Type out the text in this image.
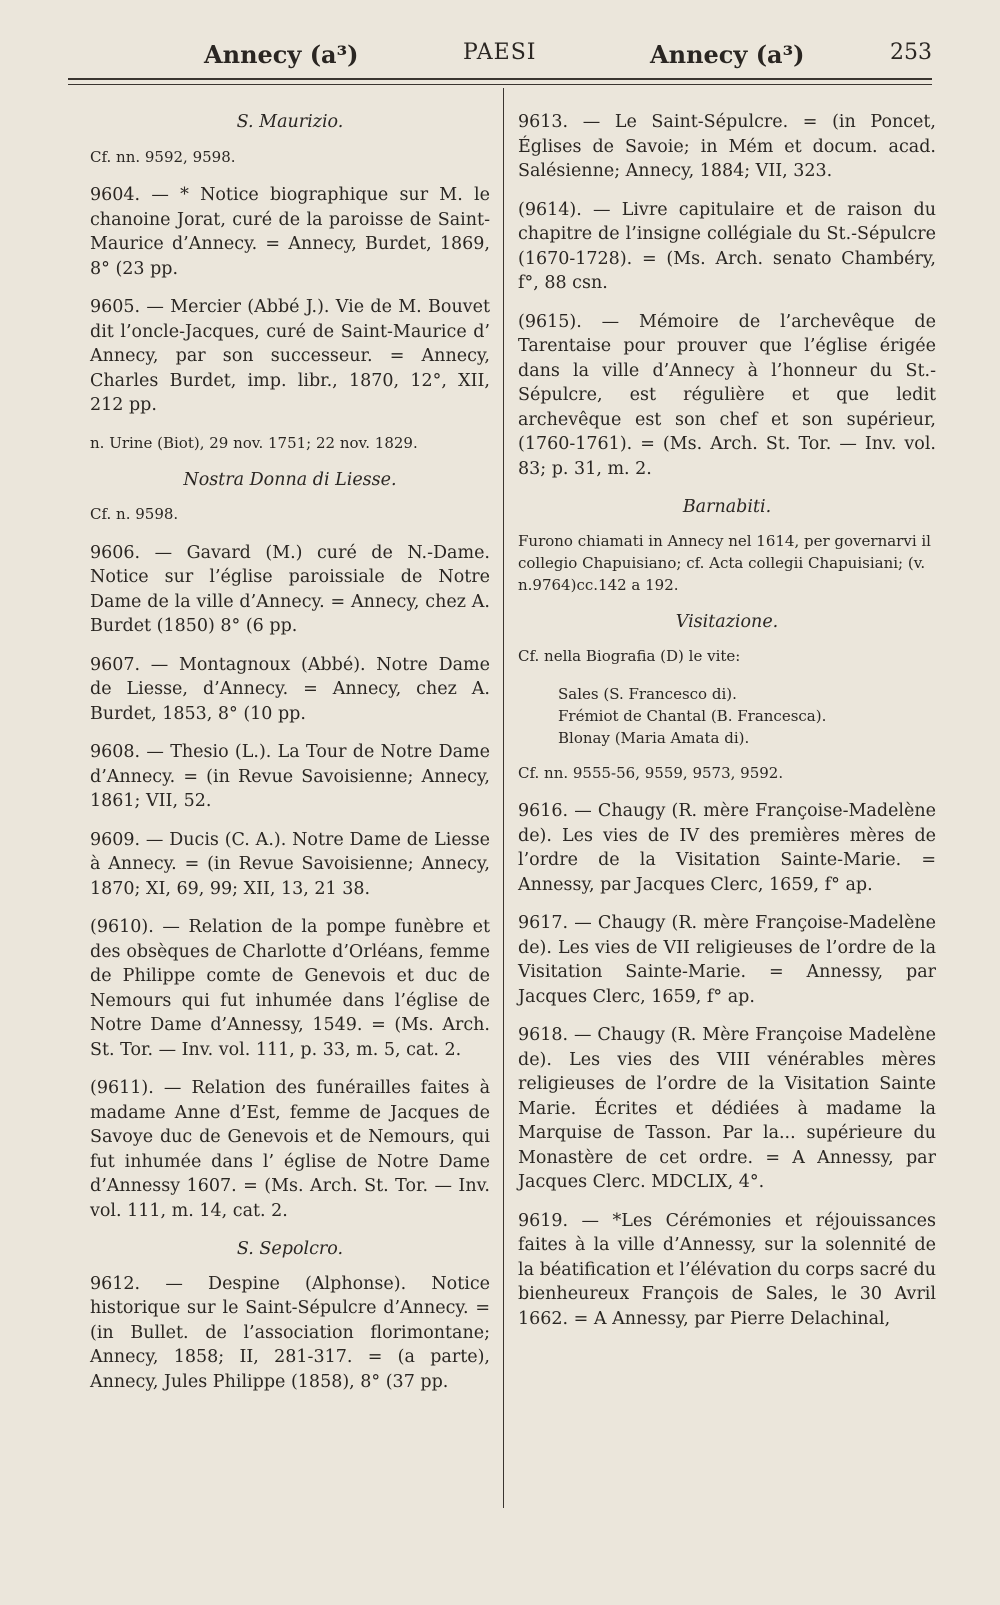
Annecy (a³)	PAESI	Annecy (a³)	253
S. Maurizio.
Cf. nn. 9592, 9598.
9604. — * Notice biographique sur M. le chanoine Jorat, curé de la paroisse de Saint-Maurice d’Annecy. = Annecy, Burdet, 1869, 8° (23 pp.
9605. — Mercier (Abbé J.). Vie de M. Bouvet dit l’oncle-Jacques, curé de Saint-Maurice d’ Annecy, par son successeur. = Annecy, Charles Burdet, imp. libr., 1870, 12°, XII, 212 pp.
n. Urine (Biot), 29 nov. 1751; 22 nov. 1829.
Nostra Donna di Liesse.
Cf. n. 9598.
9606. — Gavard (M.) curé de N.-Dame. Notice sur l’église paroissiale de Notre Dame de la ville d’Annecy. = Annecy, chez A. Burdet (1850) 8° (6 pp.
9607. — Montagnoux (Abbé). Notre Dame de Liesse, d’Annecy. = Annecy, chez A. Burdet, 1853, 8° (10 pp.
9608. — Thesio (L.). La Tour de Notre Dame d’Annecy. = (in Revue Savoisienne; Annecy, 1861; VII, 52.
9609. — Ducis (C. A.). Notre Dame de Liesse à Annecy. = (in Revue Savoisienne; Annecy, 1870; XI, 69, 99; XII, 13, 21 38.
(9610). — Relation de la pompe funèbre et des obsèques de Charlotte d’Orléans, femme de Philippe comte de Genevois et duc de Nemours qui fut inhumée dans l’église de Notre Dame d’Annessy, 1549. = (Ms. Arch. St. Tor. — Inv. vol. 111, p. 33, m. 5, cat. 2.
(9611). — Relation des funérailles faites à madame Anne d’Est, femme de Jacques de Savoye duc de Genevois et de Nemours, qui fut inhumée dans l’ église de Notre Dame d’Annessy 1607. = (Ms. Arch. St. Tor. — Inv. vol. 111, m. 14, cat. 2.
S. Sepolcro.
9612. — Despine (Alphonse). Notice historique sur le Saint-Sépulcre d’Annecy. = (in Bullet. de l’association florimontane; Annecy, 1858; II, 281-317. = (a parte), Annecy, Jules Philippe (1858), 8° (37 pp.
9613. — Le Saint-Sépulcre. = (in Poncet, Églises de Savoie; in Mém et docum. acad. Salésienne; Annecy, 1884; VII, 323.
(9614). — Livre capitulaire et de raison du chapitre de l’insigne collégiale du St.-Sépulcre (1670-1728). = (Ms. Arch. senato Chambéry, f°, 88 csn.
(9615). — Mémoire de l’archevêque de Tarentaise pour prouver que l’église érigée dans la ville d’Annecy à l’honneur du St.-Sépulcre, est régulière et que ledit archevêque est son chef et son supérieur, (1760-1761). = (Ms. Arch. St. Tor. — Inv. vol. 83; p. 31, m. 2.
Barnabiti.
Furono chiamati in Annecy nel 1614, per governarvi il collegio Chapuisiano; cf. Acta collegii Chapuisiani; (v. n.9764)cc.142 a 192.
Visitazione.
Cf. nella Biografia (D) le vite:
Sales (S. Francesco di).
Frémiot de Chantal (B. Francesca).
Blonay (Maria Amata di).
Cf. nn. 9555-56, 9559, 9573, 9592.
9616. — Chaugy (R. mère Françoise-Madelène de). Les vies de IV des premières mères de l’ordre de la Visitation Sainte-Marie. = Annessy, par Jacques Clerc, 1659, f° ap.
9617. — Chaugy (R. mère Françoise-Madelène de). Les vies de VII religieuses de l’ordre de la Visitation Sainte-Marie. = Annessy, par Jacques Clerc, 1659, f° ap.
9618. — Chaugy (R. Mère Françoise Madelène de). Les vies des VIII vénérables mères religieuses de l’ordre de la Visitation Sainte Marie. Écrites et dédiées à madame la Marquise de Tasson. Par la... supérieure du Monastère de cet ordre. = A Annessy, par Jacques Clerc. MDCLIX, 4°.
9619. — *Les Cérémonies et réjouissances faites à la ville d’Annessy, sur la solennité de la béatification et l’élévation du corps sacré du bienheureux François de Sales, le 30 Avril 1662. = A Annessy, par Pierre Delachinal,
